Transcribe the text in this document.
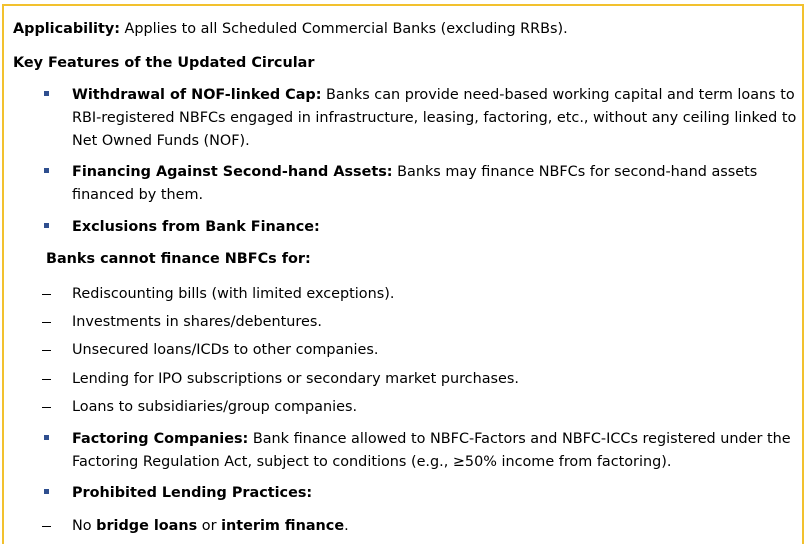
Applicability: Applies to all Scheduled Commercial Banks (excluding RRBs).
Key Features of the Updated Circular
Withdrawal of NOF-linked Cap: Banks can provide need-based working capital and term loans to RBI-registered NBFCs engaged in infrastructure, leasing, factoring, etc., without any ceiling linked to Net Owned Funds (NOF).
Financing Against Second-hand Assets: Banks may finance NBFCs for second-hand assets financed by them.
Exclusions from Bank Finance:
Banks cannot finance NBFCs for:
Rediscounting bills (with limited exceptions).
Investments in shares/debentures.
Unsecured loans/ICDs to other companies.
Lending for IPO subscriptions or secondary market purchases.
Loans to subsidiaries/group companies.
Factoring Companies: Bank finance allowed to NBFC-Factors and NBFC-ICCs registered under the Factoring Regulation Act, subject to conditions (e.g., ≥50% income from factoring).
Prohibited Lending Practices:
No bridge loans or interim finance.
